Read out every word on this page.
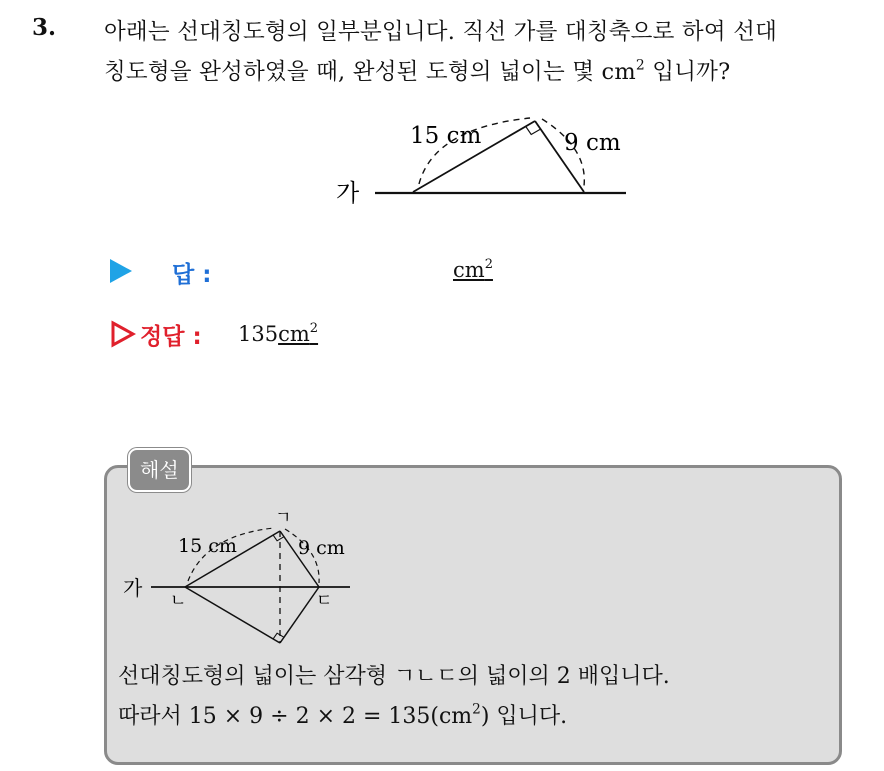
3. 아래는 선대칭도형의 일부분입니다. 직선 가를 대칭축으로 하여 선대
칭도형을 완성하였을 때, 완성된 도형의 넓이는 몇 $cm^2$ 입니까?
가
15 cm	9 cm
답 :	$cm^2$
정답 : $135cm^2$
해설
가
15 cm	9 cm
ㄱ
ㄴ	ㄷ
선대칭도형의 넓이는 삼각형 ㄱㄴㄷ의 넓이의 2 배입니다.
따라서 $15 \times 9 \div 2 \times 2 = 135(cm^2)$ 입니다.
